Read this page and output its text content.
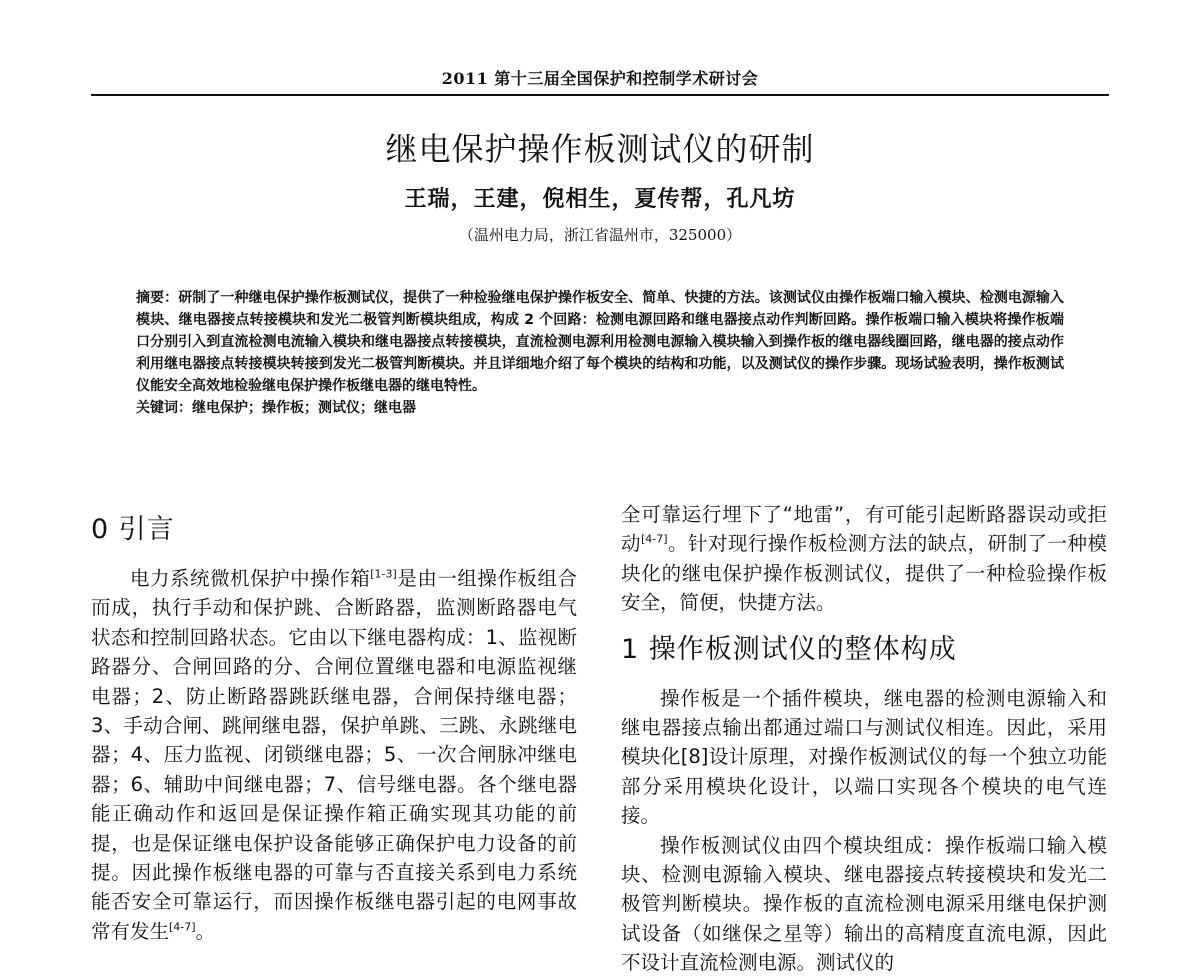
2011 第十三届全国保护和控制学术研讨会
继电保护操作板测试仪的研制
王瑞，王建，倪相生，夏传帮，孔凡坊
（温州电力局，浙江省温州市，325000）

摘要：研制了一种继电保护操作板测试仪，提供了一种检验继电保护操作板安全、简单、快捷的方法。该测试仪由操作板端口输入模块、检测电源输入模块、继电器接点转接模块和发光二极管判断模块组成，构成 2 个回路：检测电源回路和继电器接点动作判断回路。操作板端口输入模块将操作板端口分别引入到直流检测电流输入模块和继电器接点转接模块，直流检测电源利用检测电源输入模块输入到操作板的继电器线圈回路，继电器的接点动作利用继电器接点转接模块转接到发光二极管判断模块。并且详细地介绍了每个模块的结构和功能，以及测试仪的操作步骤。现场试验表明，操作板测试仪能安全高效地检验继电保护操作板继电器的继电特性。

关键词：继电保护；操作板；测试仪；继电器

0 引言

电力系统微机保护中操作箱[1-3]是由一组操作板组合而成，执行手动和保护跳、合断路器，监测断路器电气状态和控制回路状态。它由以下继电器构成：1、监视断路器分、合闸回路的分、合闸位置继电器和电源监视继电器；2、防止断路器跳跃继电器，合闸保持继电器；3、手动合闸、跳闸继电器，保护单跳、三跳、永跳继电器；4、压力监视、闭锁继电器；5、一次合闸脉冲继电器；6、辅助中间继电器；7、信号继电器。各个继电器能正确动作和返回是保证操作箱正确实现其功能的前提，也是保证继电保护设备能够正确保护电力设备的前提。因此操作板继电器的可靠与否直接关系到电力系统能否安全可靠运行，而因操作板继电器引起的电网事故常有发生[4-7]。

全可靠运行埋下了“地雷”，有可能引起断路器误动或拒动[4-7]。针对现行操作板检测方法的缺点，研制了一种模块化的继电保护操作板测试仪，提供了一种检验操作板安全，简便，快捷方法。

1 操作板测试仪的整体构成

操作板是一个插件模块，继电器的检测电源输入和继电器接点输出都通过端口与测试仪相连。因此，采用模块化[8]设计原理，对操作板测试仪的每一个独立功能部分采用模块化设计，以端口实现各个模块的电气连接。

操作板测试仪由四个模块组成：操作板端口输入模块、检测电源输入模块、继电器接点转接模块和发光二极管判断模块。操作板的直流检测电源采用继电保护测试设备（如继保之星等）输出的高精度直流电源，因此不设计直流检测电源。测试仪的
